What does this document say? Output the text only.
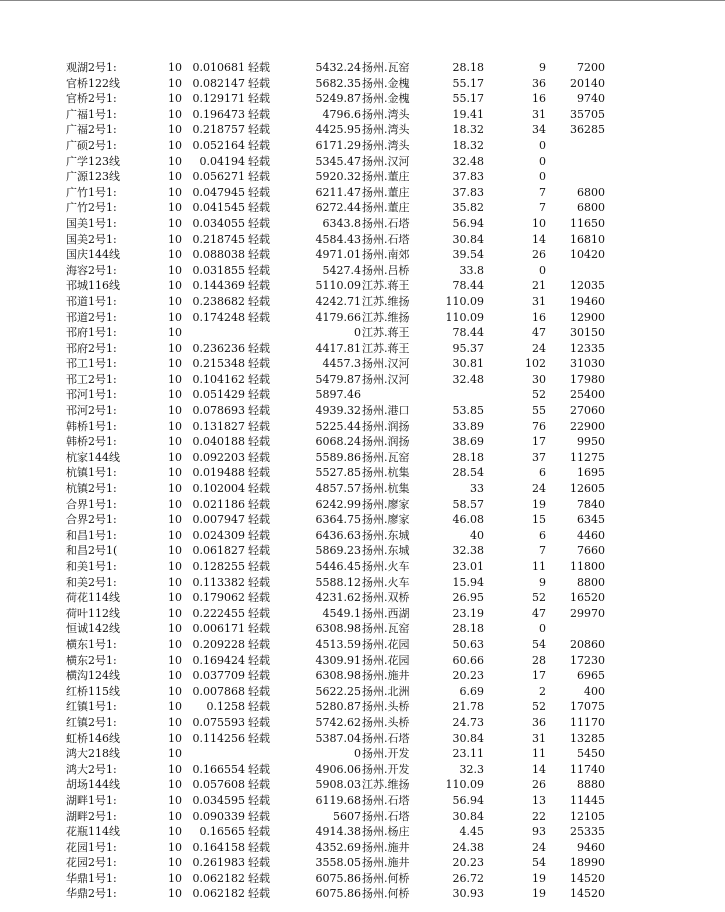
观湖2号1:	10 0.010681 轻载	5432.24 扬州.瓦窑	28.18	9	7200
官桥122线	10 0.082147 轻载	5682.35 扬州.金槐	55.17	36	20140
官桥2号1:	10 0.129171 轻载	5249.87 扬州.金槐	55.17	16	9740
广福1号1:	10 0.196473 轻载	4796.6 扬州.湾头	19.41	31	35705
广福2号1:	10 0.218757 轻载	4425.95 扬州.湾头	18.32	34	36285
广硕2号1:	10 0.052164 轻载	6171.29 扬州.湾头	18.32	0
广学123线	10	0.04194 轻载	5345.47 扬州.汉河	32.48	0
广源123线	10 0.056271 轻载	5920.32 扬州.董庄	37.83	0
广竹1号1:	10 0.047945 轻载	6211.47 扬州.董庄	37.83	7	6800
广竹2号1:	10 0.041545 轻载	6272.44 扬州.董庄	35.82	7	6800
国美1号1:	10 0.034055 轻载	6343.8 扬州.石塔	56.94	10	11650
国美2号1:	10 0.218745 轻载	4584.43 扬州.石塔	30.84	14	16810
国庆144线	10 0.088038 轻载	4971.01 扬州.南郊	39.54	26	10420
海容2号1:	10 0.031855 轻载	5427.4 扬州.吕桥	33.8	0
邗城116线	10 0.144369 轻载	5110.09 江苏.蒋王	78.44	21	12035
邗道1号1:	10 0.238682 轻载	4242.71 江苏.维扬	110.09	31	19460
邗道2号1:	10 0.174248 轻载	4179.66 江苏.维扬	110.09	16	12900
邗府1号1:	10	0 江苏.蒋王	78.44	47	30150
邗府2号1:	10 0.236236 轻载	4417.81 江苏.蒋王	95.37	24	12335
邗工1号1:	10 0.215348 轻载	4457.3 扬州.汉河	30.81	102	31030
邗工2号1:	10 0.104162 轻载	5479.87 扬州.汉河	32.48	30	17980
邗河1号1:	10 0.051429 轻载	5897.46	52	25400
邗河2号1:	10 0.078693 轻载	4939.32 扬州.港口	53.85	55	27060
韩桥1号1:	10 0.131827 轻载	5225.44 扬州.润扬	33.89	76	22900
韩桥2号1:	10 0.040188 轻载	6068.24 扬州.润扬	38.69	17	9950
杭家144线	10 0.092203 轻载	5589.86 扬州.瓦窑	28.18	37	11275
杭镇1号1:	10 0.019488 轻载	5527.85 扬州.杭集	28.54	6	1695
杭镇2号1:	10 0.102004 轻载	4857.57 扬州.杭集	33	24	12605
合界1号1:	10 0.021186 轻载	6242.99 扬州.廖家	58.57	19	7840
合界2号1:	10 0.007947 轻载	6364.75 扬州.廖家	46.08	15	6345
和昌1号1:	10 0.024309 轻载	6436.63 扬州.东城	40	6	4460
和昌2号1(	10 0.061827 轻载	5869.23 扬州.东城	32.38	7	7660
和美1号1:	10 0.128255 轻载	5446.45 扬州.火车	23.01	11	11800
和美2号1:	10 0.113382 轻载	5588.12 扬州.火车	15.94	9	8800
荷花114线	10 0.179062 轻载	4231.62 扬州.双桥	26.95	52	16520
荷叶112线	10 0.222455 轻载	4549.1 扬州.西湖	23.19	47	29970
恒诚142线	10 0.006171 轻载	6308.98 扬州.瓦窑	28.18	0
横东1号1:	10 0.209228 轻载	4513.59 扬州.花园	50.63	54	20860
横东2号1:	10 0.169424 轻载	4309.91 扬州.花园	60.66	28	17230
横沟124线	10 0.037709 轻载	6308.98 扬州.施井	20.23	17	6965
红桥115线	10 0.007868 轻载	5622.25 扬州.北洲	6.69	2	400
红镇1号1:	10	0.1258 轻载	5280.87 扬州.头桥	21.78	52	17075
红镇2号1:	10 0.075593 轻载	5742.62 扬州.头桥	24.73	36	11170
虹桥146线	10 0.114256 轻载	5387.04 扬州.石塔	30.84	31	13285
鸿大218线	10	0 扬州.开发	23.11	11	5450
鸿大2号1:	10 0.166554 轻载	4906.06 扬州.开发	32.3	14	11740
胡场144线	10 0.057608 轻载	5908.03 江苏.维扬	110.09	26	8880
湖畔1号1:	10 0.034595 轻载	6119.68 扬州.石塔	56.94	13	11445
湖畔2号1:	10 0.090339 轻载	5607 扬州.石塔	30.84	22	12105
花瓶114线	10	0.16565 轻载	4914.38 扬州.杨庄	4.45	93	25335
花园1号1:	10 0.164158 轻载	4352.69 扬州.施井	24.38	24	9460
花园2号1:	10 0.261983 轻载	3558.05 扬州.施井	20.23	54	18990
华鼎1号1:	10 0.062182 轻载	6075.86 扬州.何桥	26.72	19	14520
华鼎2号1:	10 0.062182 轻载	6075.86 扬州.何桥	30.93	19	14520
